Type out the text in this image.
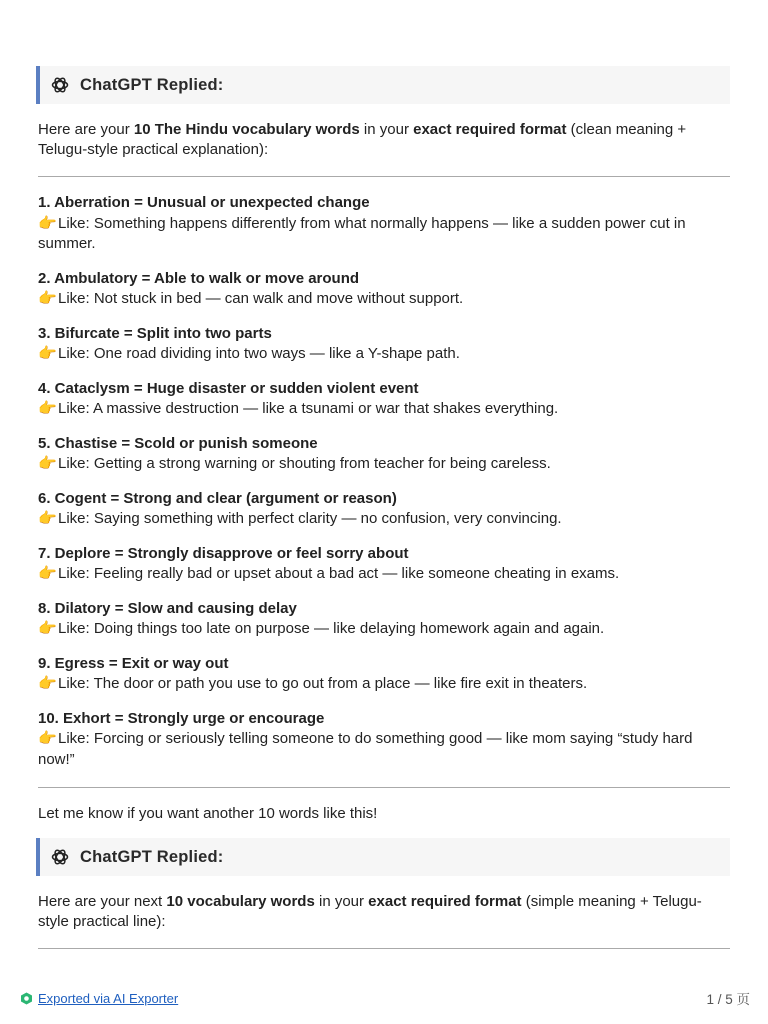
ChatGPT Replied:

Here are your 10 The Hindu vocabulary words in your exact required format (clean meaning + Telugu-style practical explanation):

1. Aberration = Unusual or unexpected change
👉Like: Something happens differently from what normally happens — like a sudden power cut in summer.
2. Ambulatory = Able to walk or move around
👉Like: Not stuck in bed — can walk and move without support.
3. Bifurcate = Split into two parts
👉Like: One road dividing into two ways — like a Y-shape path.
4. Cataclysm = Huge disaster or sudden violent event
👉Like: A massive destruction — like a tsunami or war that shakes everything.
5. Chastise = Scold or punish someone
👉Like: Getting a strong warning or shouting from teacher for being careless.
6. Cogent = Strong and clear (argument or reason)
👉Like: Saying something with perfect clarity — no confusion, very convincing.
7. Deplore = Strongly disapprove or feel sorry about
👉Like: Feeling really bad or upset about a bad act — like someone cheating in exams.
8. Dilatory = Slow and causing delay
👉Like: Doing things too late on purpose — like delaying homework again and again.
9. Egress = Exit or way out
👉Like: The door or path you use to go out from a place — like fire exit in theaters.
10. Exhort = Strongly urge or encourage
👉Like: Forcing or seriously telling someone to do something good — like mom saying “study hard now!”

Let me know if you want another 10 words like this!

ChatGPT Replied:

Here are your next 10 vocabulary words in your exact required format (simple meaning + Telugu-style practical line):

Exported via AI Exporter	1 / 5 页
